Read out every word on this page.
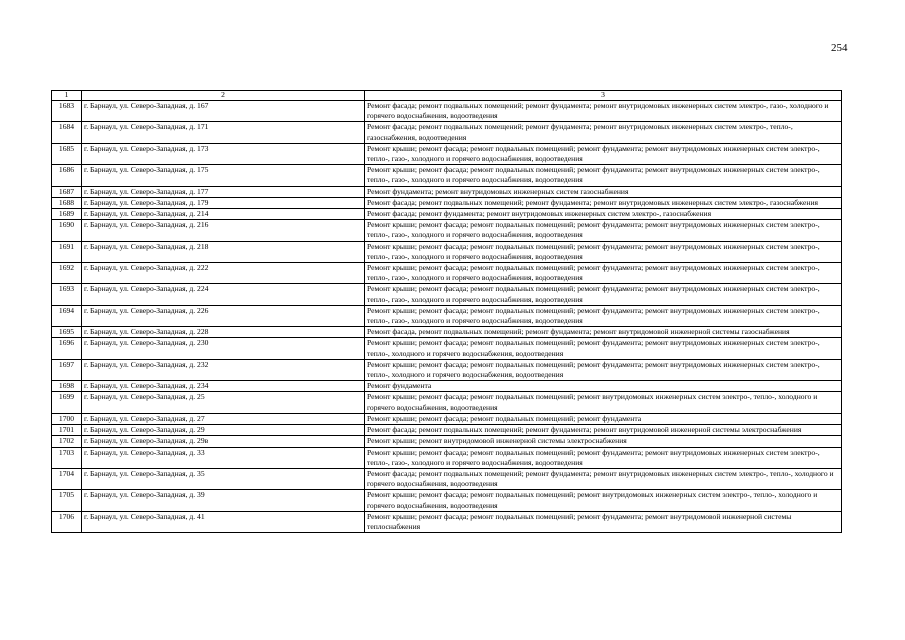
254
1	2	3
1683	г. Барнаул, ул. Северо-Западная, д. 167	Ремонт фасада; ремонт подвальных помещений; ремонт фундамента; ремонт внутридомовых инженерных систем электро-, газо-, холодного и горячего водоснабжения, водоотведения
1684	г. Барнаул, ул. Северо-Западная, д. 171	Ремонт фасада; ремонт подвальных помещений; ремонт фундамента; ремонт внутридомовых инженерных систем электро-, тепло-, газоснабжения, водоотведения
1685	г. Барнаул, ул. Северо-Западная, д. 173	Ремонт крыши; ремонт фасада; ремонт подвальных помещений; ремонт фундамента; ремонт внутридомовых инженерных систем электро-, тепло-, газо-, холодного и горячего водоснабжения, водоотведения
1686	г. Барнаул, ул. Северо-Западная, д. 175	Ремонт крыши; ремонт фасада; ремонт подвальных помещений; ремонт фундамента; ремонт внутридомовых инженерных систем электро-, тепло-, газо-, холодного и горячего водоснабжения, водоотведения
1687	г. Барнаул, ул. Северо-Западная, д. 177	Ремонт фундамента; ремонт внутридомовых инженерных систем газоснабжения
1688	г. Барнаул, ул. Северо-Западная, д. 179	Ремонт фасада; ремонт подвальных помещений; ремонт фундамента; ремонт внутридомовых инженерных систем электро-, газоснабжения
1689	г. Барнаул, ул. Северо-Западная, д. 214	Ремонт фасада; ремонт фундамента; ремонт внутридомовых инженерных систем электро-, газоснабжения
1690	г. Барнаул, ул. Северо-Западная, д. 216	Ремонт крыши; ремонт фасада; ремонт подвальных помещений; ремонт фундамента; ремонт внутридомовых инженерных систем электро-, тепло-, газо-, холодного и горячего водоснабжения, водоотведения
1691	г. Барнаул, ул. Северо-Западная, д. 218	Ремонт крыши; ремонт фасада; ремонт подвальных помещений; ремонт фундамента; ремонт внутридомовых инженерных систем электро-, тепло-, газо-, холодного и горячего водоснабжения, водоотведения
1692	г. Барнаул, ул. Северо-Западная, д. 222	Ремонт крыши; ремонт фасада; ремонт подвальных помещений; ремонт фундамента; ремонт внутридомовых инженерных систем электро-, тепло-, газо-, холодного и горячего водоснабжения, водоотведения
1693	г. Барнаул, ул. Северо-Западная, д. 224	Ремонт крыши; ремонт фасада; ремонт подвальных помещений; ремонт фундамента; ремонт внутридомовых инженерных систем электро-, тепло-, газо-, холодного и горячего водоснабжения, водоотведения
1694	г. Барнаул, ул. Северо-Западная, д. 226	Ремонт крыши; ремонт фасада; ремонт подвальных помещений; ремонт фундамента; ремонт внутридомовых инженерных систем электро-, тепло-, газо-, холодного и горячего водоснабжения, водоотведения
1695	г. Барнаул, ул. Северо-Западная, д. 228	Ремонт фасада, ремонт подвальных помещений; ремонт фундамента; ремонт внутридомовой инженерной системы газоснабжения
1696	г. Барнаул, ул. Северо-Западная, д. 230	Ремонт крыши; ремонт фасада; ремонт подвальных помещений; ремонт фундамента; ремонт внутридомовых инженерных систем электро-, тепло-, холодного и горячего водоснабжения, водоотведения
1697	г. Барнаул, ул. Северо-Западная, д. 232	Ремонт крыши; ремонт фасада; ремонт подвальных помещений; ремонт фундамента; ремонт внутридомовых инженерных систем электро-, тепло-, холодного и горячего водоснабжения, водоотведения
1698	г. Барнаул, ул. Северо-Западная, д. 234	Ремонт фундамента
1699	г. Барнаул, ул. Северо-Западная, д. 25	Ремонт крыши; ремонт фасада; ремонт подвальных помещений; ремонт внутридомовых инженерных систем электро-, тепло-, холодного и горячего водоснабжения, водоотведения
1700	г. Барнаул, ул. Северо-Западная, д. 27	Ремонт крыши; ремонт фасада; ремонт подвальных помещений; ремонт фундамента
1701	г. Барнаул, ул. Северо-Западная, д. 29	Ремонт фасада; ремонт подвальных помещений; ремонт фундамента; ремонт внутридомовой инженерной системы электроснабжения
1702	г. Барнаул, ул. Северо-Западная, д. 29в	Ремонт крыши; ремонт внутридомовой инженерной системы электроснабжения
1703	г. Барнаул, ул. Северо-Западная, д. 33	Ремонт крыши; ремонт фасада; ремонт подвальных помещений; ремонт фундамента; ремонт внутридомовых инженерных систем электро-, тепло-, газо-, холодного и горячего водоснабжения, водоотведения
1704	г. Барнаул, ул. Северо-Западная, д. 35	Ремонт фасада; ремонт подвальных помещений; ремонт фундамента; ремонт внутридомовых инженерных систем электро-, тепло-, холодного и горячего водоснабжения, водоотведения
1705	г. Барнаул, ул. Северо-Западная, д. 39	Ремонт крыши; ремонт фасада; ремонт подвальных помещений; ремонт внутридомовых инженерных систем электро-, тепло-, холодного и горячего водоснабжения, водоотведения
1706	г. Барнаул, ул. Северо-Западная, д. 41	Ремонт крыши; ремонт фасада; ремонт подвальных помещений; ремонт фундамента; ремонт внутридомовой инженерной системы теплоснабжения
